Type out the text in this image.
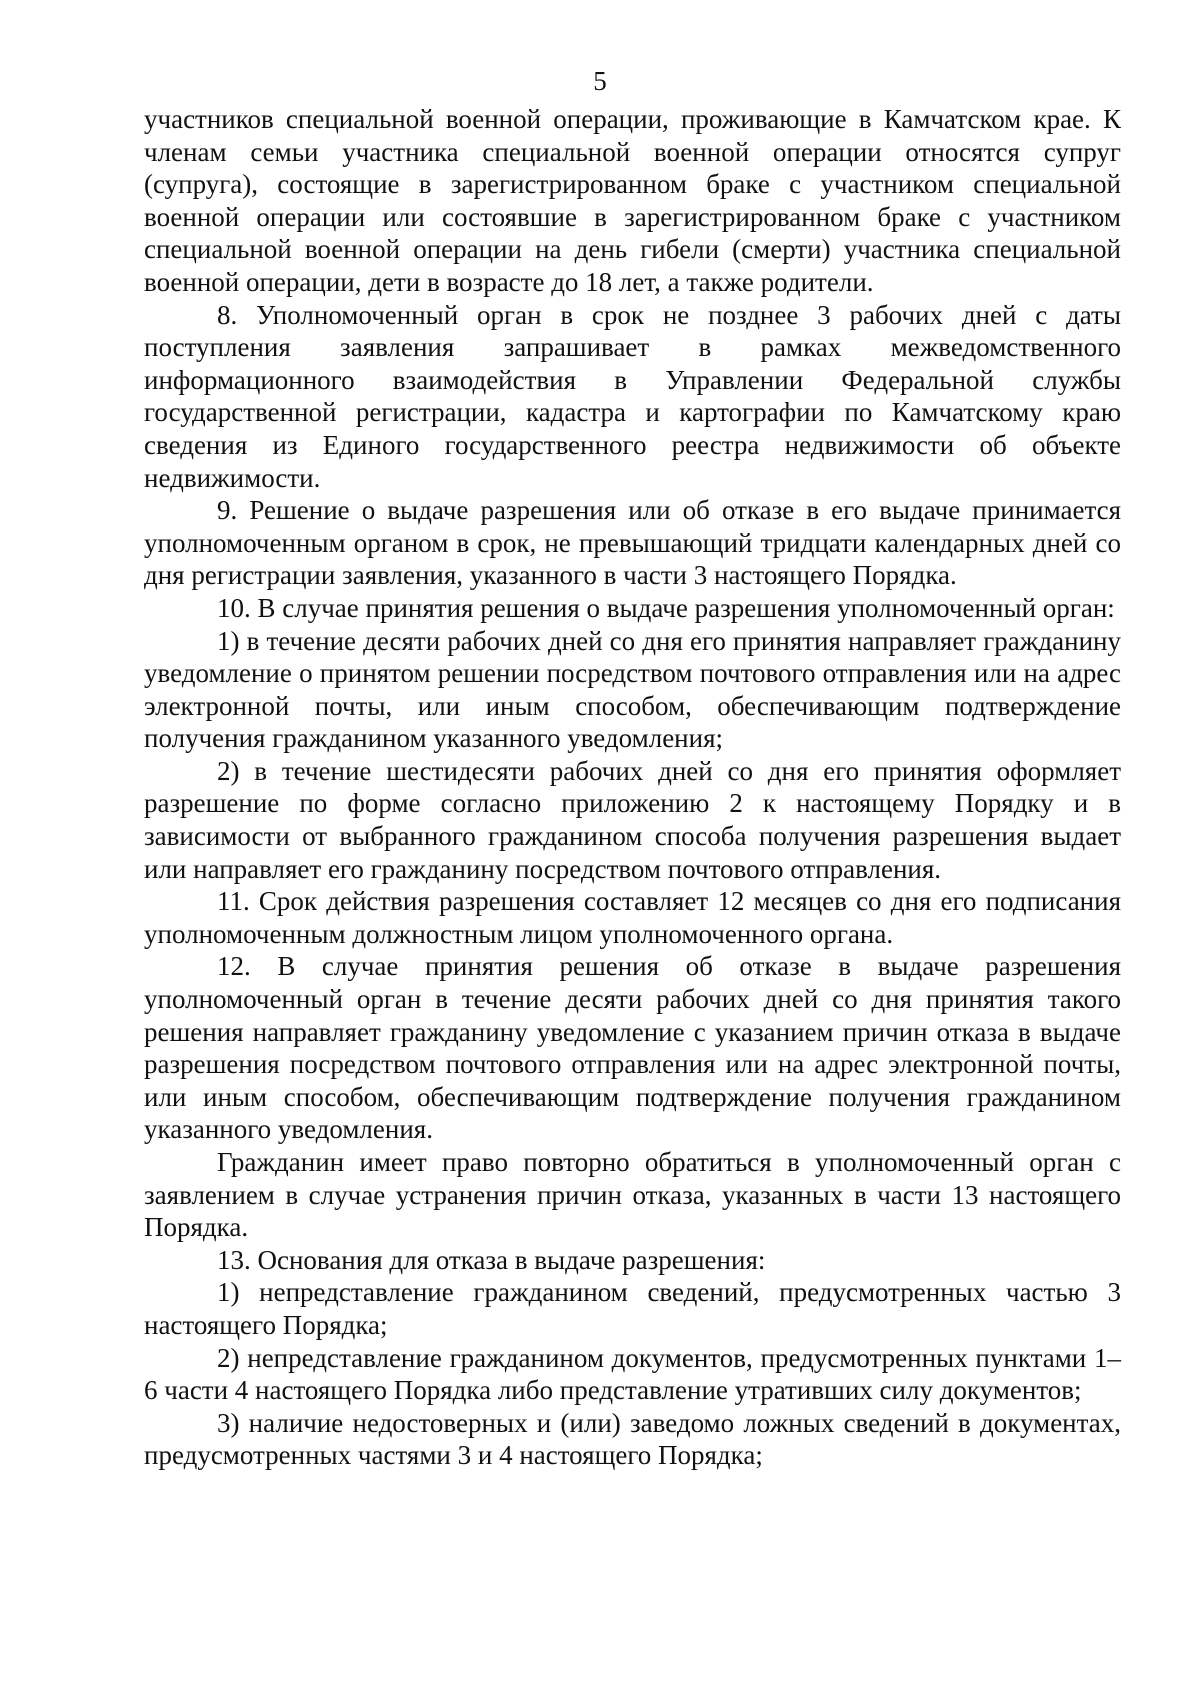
5

участников специальной военной операции, проживающие в Камчатском крае. К членам семьи участника специальной военной операции относятся супруг (супруга), состоящие в зарегистрированном браке с участником специальной военной операции или состоявшие в зарегистрированном браке с участником специальной военной операции на день гибели (смерти) участника специальной военной операции, дети в возрасте до 18 лет, а также родители.

8. Уполномоченный орган в срок не позднее 3 рабочих дней с даты поступления заявления запрашивает в рамках межведомственного информационного взаимодействия в Управлении Федеральной службы государственной регистрации, кадастра и картографии по Камчатскому краю сведения из Единого государственного реестра недвижимости об объекте недвижимости.

9. Решение о выдаче разрешения или об отказе в его выдаче принимается уполномоченным органом в срок, не превышающий тридцати календарных дней со дня регистрации заявления, указанного в части 3 настоящего Порядка.

10. В случае принятия решения о выдаче разрешения уполномоченный орган:

1) в течение десяти рабочих дней со дня его принятия направляет гражданину уведомление о принятом решении посредством почтового отправления или на адрес электронной почты, или иным способом, обеспечивающим подтверждение получения гражданином указанного уведомления;

2) в течение шестидесяти рабочих дней со дня его принятия оформляет разрешение по форме согласно приложению 2 к настоящему Порядку и в зависимости от выбранного гражданином способа получения разрешения выдает или направляет его гражданину посредством почтового отправления.

11. Срок действия разрешения составляет 12 месяцев со дня его подписания уполномоченным должностным лицом уполномоченного органа.

12. В случае принятия решения об отказе в выдаче разрешения уполномоченный орган в течение десяти рабочих дней со дня принятия такого решения направляет гражданину уведомление с указанием причин отказа в выдаче разрешения посредством почтового отправления или на адрес электронной почты, или иным способом, обеспечивающим подтверждение получения гражданином указанного уведомления.

Гражданин имеет право повторно обратиться в уполномоченный орган с заявлением в случае устранения причин отказа, указанных в части 13 настоящего Порядка.

13. Основания для отказа в выдаче разрешения:

1) непредставление гражданином сведений, предусмотренных частью 3 настоящего Порядка;

2) непредставление гражданином документов, предусмотренных пунктами 1–6 части 4 настоящего Порядка либо представление утративших силу документов;

3) наличие недостоверных и (или) заведомо ложных сведений в документах, предусмотренных частями 3 и 4 настоящего Порядка;
